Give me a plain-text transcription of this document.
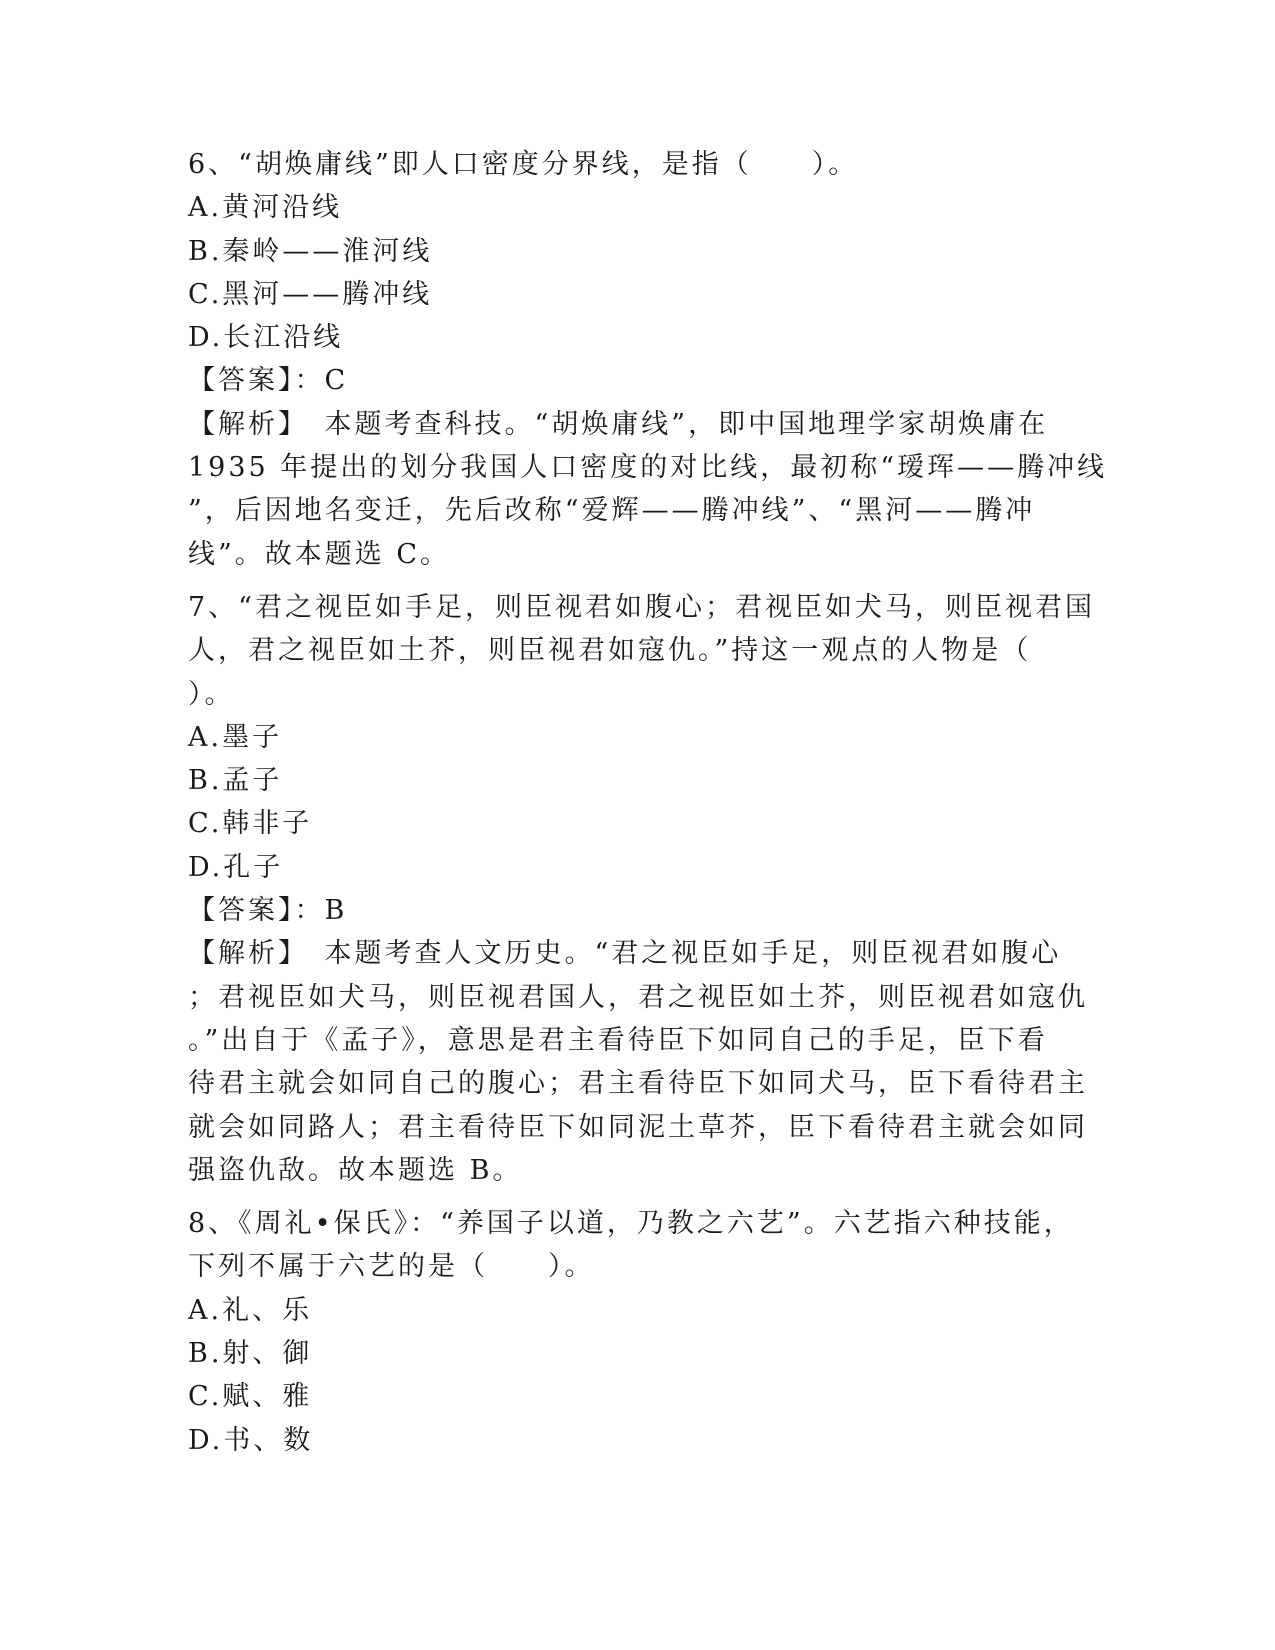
6、“胡焕庸线”即人口密度分界线，是指（　　）。
A.黄河沿线
B.秦岭——淮河线
C.黑河——腾冲线
D.长江沿线
【答案】：C
【解析】　本题考查科技。“胡焕庸线”，即中国地理学家胡焕庸在
1935 年提出的划分我国人口密度的对比线，最初称“瑷珲——腾冲线
”，后因地名变迁，先后改称“爱辉——腾冲线”、“黑河——腾冲
线”。故本题选 C。
7、“君之视臣如手足，则臣视君如腹心；君视臣如犬马，则臣视君国
人，君之视臣如土芥，则臣视君如寇仇。”持这一观点的人物是（
）。
A.墨子
B.孟子
C.韩非子
D.孔子
【答案】：B
【解析】　本题考查人文历史。“君之视臣如手足，则臣视君如腹心
；君视臣如犬马，则臣视君国人，君之视臣如土芥，则臣视君如寇仇
。”出自于《孟子》，意思是君主看待臣下如同自己的手足，臣下看
待君主就会如同自己的腹心；君主看待臣下如同犬马，臣下看待君主
就会如同路人；君主看待臣下如同泥土草芥，臣下看待君主就会如同
强盗仇敌。故本题选 B。
8、《周礼•保氏》：“养国子以道，乃教之六艺”。六艺指六种技能，
下列不属于六艺的是（　　）。
A.礼、乐
B.射、御
C.赋、雅
D.书、数
